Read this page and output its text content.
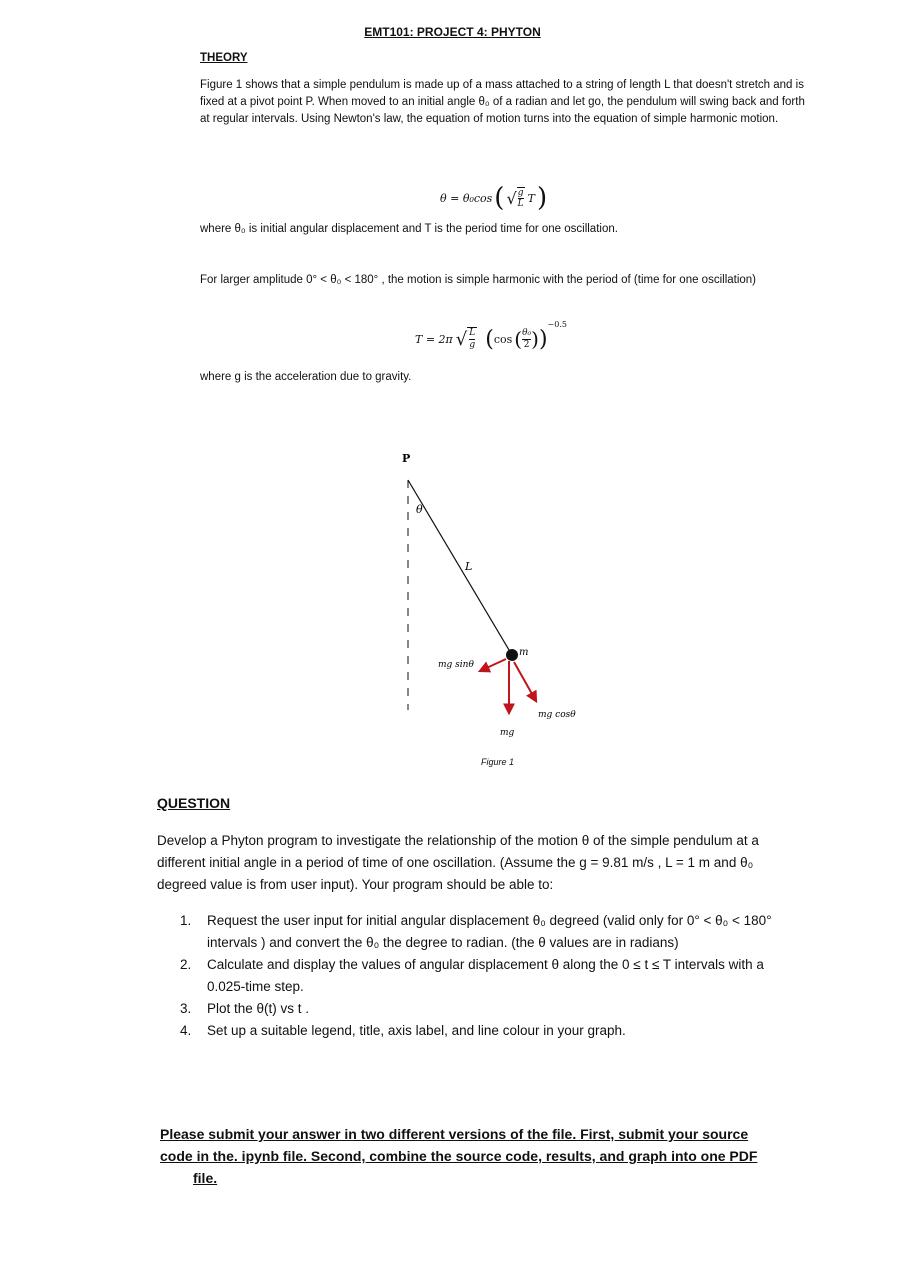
EMT101: PROJECT 4: PHYTON
THEORY
Figure 1 shows that a simple pendulum is made up of a mass attached to a string of length L that doesn't stretch and is fixed at a pivot point P. When moved to an initial angle θ₀ of a radian and let go, the pendulum will swing back and forth at regular intervals. Using Newton's law, the equation of motion turns into the equation of simple harmonic motion.
θ = θ₀cos ( √ $\frac{g}{L}$ T )
where θ₀ is initial angular displacement and T is the period time for one oscillation.
For larger amplitude 0° < θ₀ < 180° , the motion is simple harmonic with the period of (time for one oscillation)
T = 2π √ $\frac{L}{g}$ ( cos ( $\frac{\text{θ₀}}{2}$ ) )
−0.5
where g is the acceleration due to gravity.
P
θ
L
m
mg sinθ
mg cosθ
mg
Figure 1
QUESTION
Develop a Phyton program to investigate the relationship of the motion θ of the simple pendulum at a different initial angle in a period of time of one oscillation. (Assume the g = 9.81 m/s , L = 1 m and θ₀ degreed value is from user input). Your program should be able to:
1. Request the user input for initial angular displacement θ₀ degreed (valid only for 0° < θ₀ < 180° intervals ) and convert the θ₀ the degree to radian. (the θ values are in radians)
2. Calculate and display the values of angular displacement θ along the 0 ≤ t ≤ T intervals with a 0.025-time step.
3. Plot the θ(t) vs t .
4. Set up a suitable legend, title, axis label, and line colour in your graph.
Please submit your answer in two different versions of the file. First, submit your source code in the. ipynb file. Second, combine the source code, results, and graph into one PDF
file.
